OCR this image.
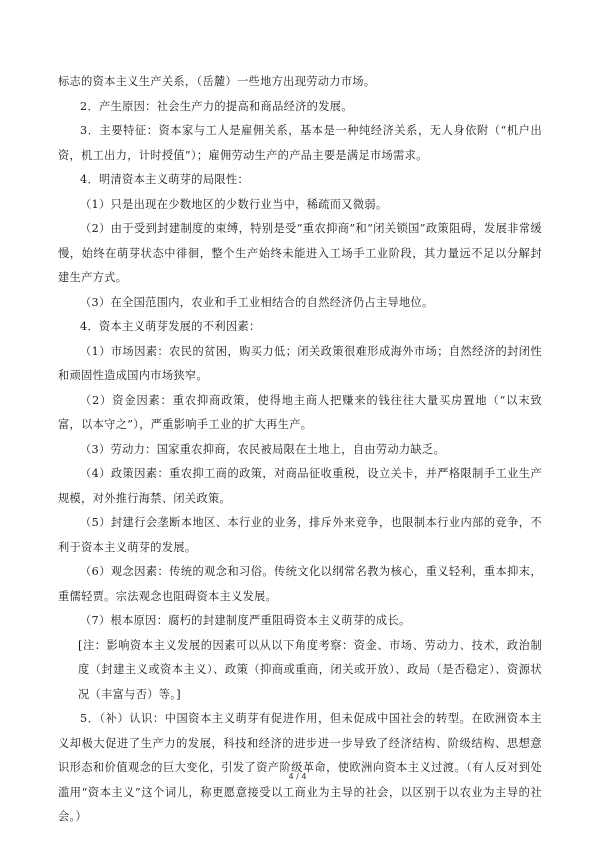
标志的资本主义生产关系，（岳麓）一些地方出现劳动力市场。

2．产生原因：社会生产力的提高和商品经济的发展。

3．主要特征：资本家与工人是雇佣关系，基本是一种纯经济关系，无人身依附（“机户出资，机工出力，计时授值”）；雇佣劳动生产的产品主要是满足市场需求。

4．明清资本主义萌芽的局限性：

（1）只是出现在少数地区的少数行业当中，稀疏而又微弱。

（2）由于受到封建制度的束缚，特别是受“重农抑商”和“闭关锁国”政策阻碍，发展非常缓慢，始终在萌芽状态中徘徊，整个生产始终未能进入工场手工业阶段，其力量远不足以分解封建生产方式。

（3）在全国范围内，农业和手工业相结合的自然经济仍占主导地位。

4．资本主义萌芽发展的不利因素：

（1）市场因素：农民的贫困，购买力低；闭关政策很难形成海外市场；自然经济的封闭性和顽固性造成国内市场狭窄。

（2）资金因素：重农抑商政策，使得地主商人把赚来的钱往往大量买房置地（“以末致富，以本守之”），严重影响手工业的扩大再生产。

（3）劳动力：国家重农抑商，农民被局限在土地上，自由劳动力缺乏。

（4）政策因素：重农抑工商的政策，对商品征收重税，设立关卡，并严格限制手工业生产规模，对外推行海禁、闭关政策。

（5）封建行会垄断本地区、本行业的业务，排斥外来竞争，也限制本行业内部的竞争，不利于资本主义萌芽的发展。

（6）观念因素：传统的观念和习俗。传统文化以纲常名教为核心，重义轻利，重本抑末，重儒轻贾。宗法观念也阻碍资本主义发展。

（7）根本原因：腐朽的封建制度严重阻碍资本主义萌芽的成长。

[注：影响资本主义发展的因素可以从以下角度考察：资金、市场、劳动力、技术，政治制度（封建主义或资本主义）、政策（抑商或重商，闭关或开放）、政局（是否稳定）、资源状况（丰富与否）等。]

5．（补）认识：中国资本主义萌芽有促进作用，但未促成中国社会的转型。在欧洲资本主义却极大促进了生产力的发展，科技和经济的进步进一步导致了经济结构、阶级结构、思想意识形态和价值观念的巨大变化，引发了资产阶级革命，使欧洲向资本主义过渡。（有人反对到处滥用“资本主义”这个词儿，称更愿意接受以工商业为主导的社会，以区别于以农业为主导的社会。）

4 / 4
